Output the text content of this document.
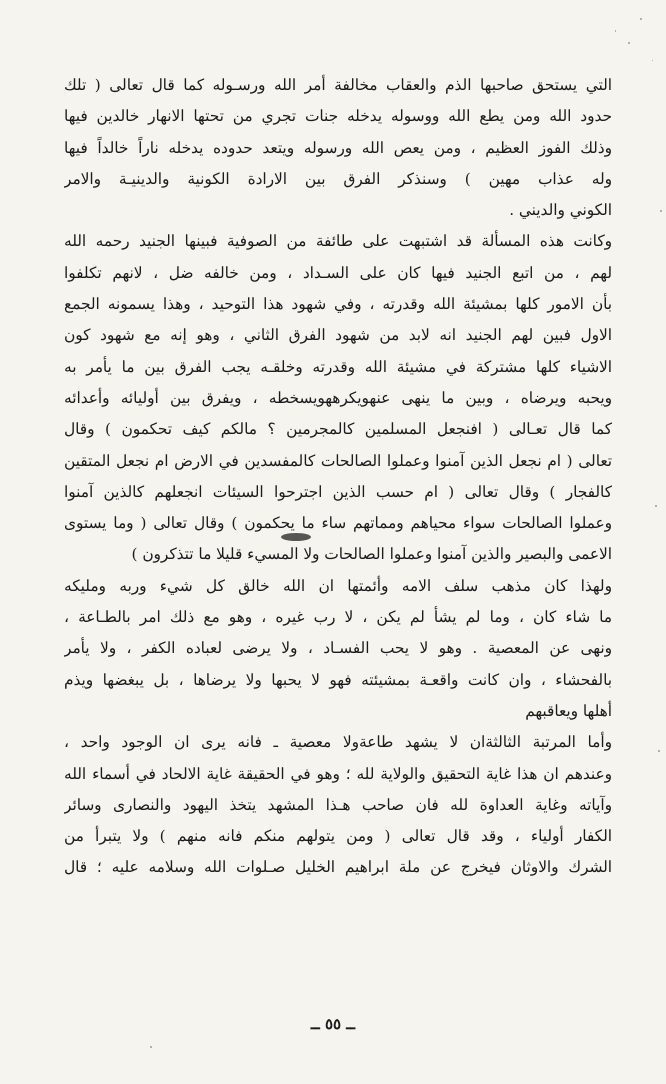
التي يستحق صاحبها الذم والعقاب مخالفة أمر الله ورسـوله كما قال تعالى ( تلك
حدود الله ومن يطع الله ووسوله يدخله جنات تجري من تحتها الانهار خالدين فيها
وذلك الفوز العظيم ، ومن يعص الله ورسوله ويتعد حدوده يدخله ناراً خالداً فيها
وله عذاب مهين ) وسنذكر الفرق بين الارادة الكونية والدينيـة والامر
الكوني والديني .
وكانت هذه المسألة قد اشتبهت على طائفة من الصوفية فبينها الجنيد رحمه الله
لهم ، من اتبع الجنيد فيها كان على السـداد ، ومن خالفه ضل ، لانهم تكلفوا
بأن الامور كلها بمشيئة الله وقدرته ، وفي شهود هذا التوحيد ، وهذا يسمونه الجمع
الاول فبين لهم الجنيد انه لابد من شهود الفرق الثاني ، وهو إنه مع شهود كون
الاشياء كلها مشتركة في مشيئة الله وقدرته وخلقـه يجب الفرق بين ما يأمر به
ويحبه ويرضاه ، وبين ما ينهى عنهويكرههويسخطه ، ويفرق بين أوليائه وأعدائه
كما قال تعـالى ( افنجعل المسلمين كالمجرمين ؟ مالكم كيف تحكمون ) وقال
تعالى ( ام نجعل الذين آمنوا وعملوا الصالحات كالمفسدين في الارض ام نجعل المتقين
كالفجار ) وقال تعالى ( ام حسب الذين اجترحوا السيئات انجعلهم كالذين آمنوا
وعملوا الصالحات سواء محياهم ومماتهم ساء ما يحكمون ) وقال تعالى ( وما يستوى
الاعمى والبصير والذين آمنوا وعملوا الصالحات ولا المسيء قليلا ما تتذكرون )
ولهذا كان مذهب سلف الامه وأئمتها ان الله خالق كل شيء وربه ومليكه
ما شاء كان ، وما لم يشأ لم يكن ، لا رب غيره ، وهو مع ذلك امر بالطـاعة ،
ونهى عن المعصية . وهو لا يحب الفسـاد ، ولا يرضى لعباده الكفر ، ولا يأمر
بالفحشاء ، وان كانت واقعـة بمشيئته فهو لا يحبها ولا يرضاها ، بل يبغضها ويذم
أهلها ويعاقبهم
وأما المرتبة الثالثةان لا يشهد طاعةولا معصية ـ فانه يرى ان الوجود واحد ،
وعندهم ان هذا غاية التحقيق والولاية لله ؛ وهو في الحقيقة غاية الالحاد في أسماء الله
وآياته وغاية العداوة لله فان صاحب هـذا المشهد يتخذ اليهود والنصارى وسائر
الكفار أولياء ، وقد قال تعالى ( ومن يتولهم منكم فانه منهم ) ولا يتبرأ من
الشرك والاوثان فيخرج عن ملة ابراهيم الخليل صـلوات الله وسلامه عليه ؛ قال
ــ ٥٥ ــ
